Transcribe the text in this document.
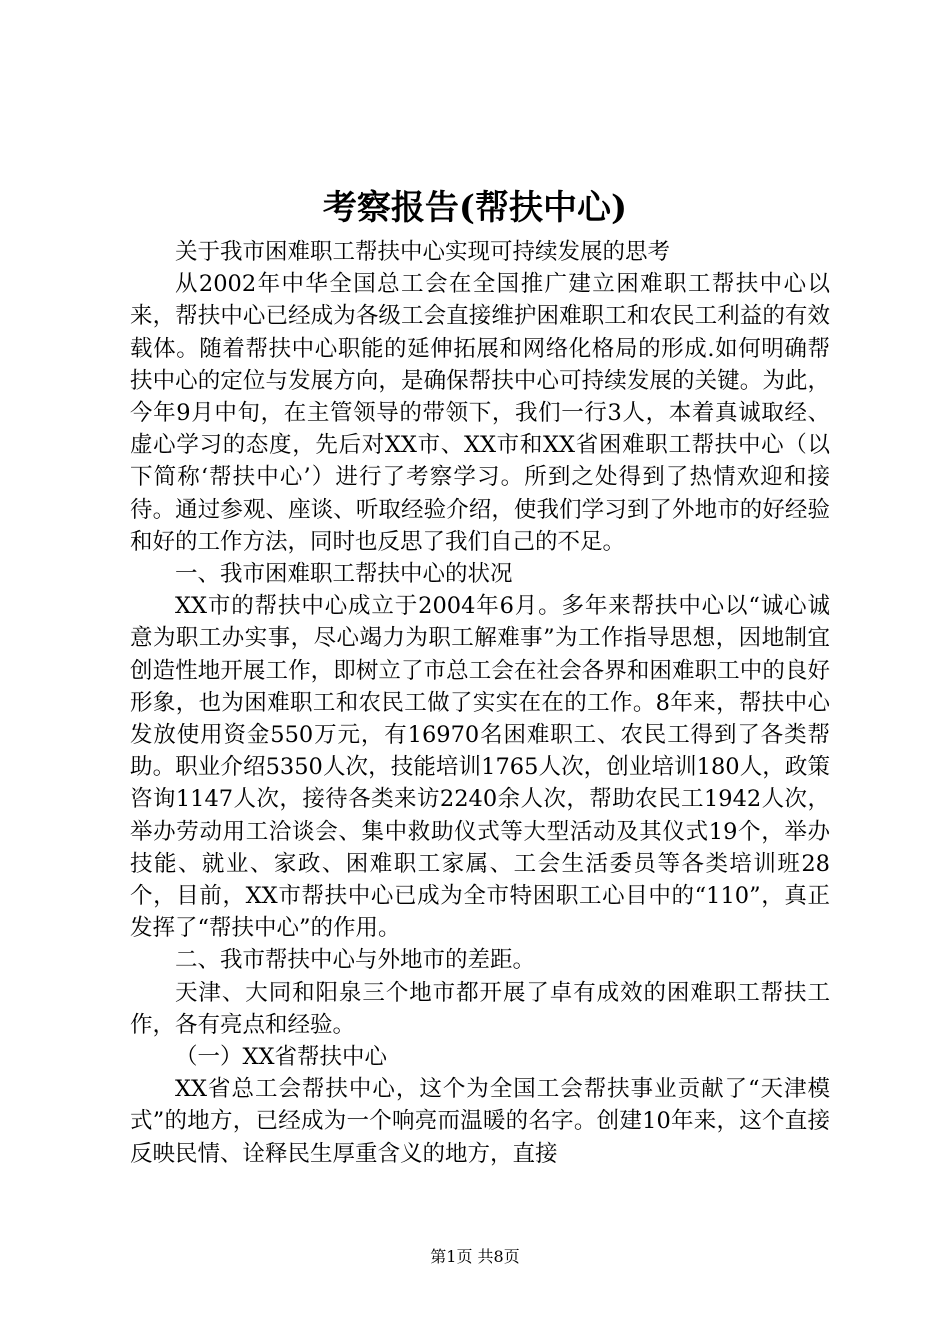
考察报告(帮扶中心)

关于我市困难职工帮扶中心实现可持续发展的思考

从2002年中华全国总工会在全国推广建立困难职工帮扶中心以来，帮扶中心已经成为各级工会直接维护困难职工和农民工利益的有效载体。随着帮扶中心职能的延伸拓展和网络化格局的形成.如何明确帮扶中心的定位与发展方向，是确保帮扶中心可持续发展的关键。为此，今年9月中旬，在主管领导的带领下，我们一行3人，本着真诚取经、虚心学习的态度，先后对XX市、XX市和XX省困难职工帮扶中心（以下简称‘帮扶中心’）进行了考察学习。所到之处得到了热情欢迎和接待。通过参观、座谈、听取经验介绍，使我们学习到了外地市的好经验和好的工作方法，同时也反思了我们自己的不足。

一、我市困难职工帮扶中心的状况

XX市的帮扶中心成立于2004年6月。多年来帮扶中心以“诚心诚意为职工办实事，尽心竭力为职工解难事”为工作指导思想，因地制宜创造性地开展工作，即树立了市总工会在社会各界和困难职工中的良好形象，也为困难职工和农民工做了实实在在的工作。8年来，帮扶中心发放使用资金550万元，有16970名困难职工、农民工得到了各类帮助。职业介绍5350人次，技能培训1765人次，创业培训180人，政策咨询1147人次，接待各类来访2240余人次，帮助农民工1942人次，举办劳动用工洽谈会、集中救助仪式等大型活动及其仪式19个，举办技能、就业、家政、困难职工家属、工会生活委员等各类培训班28个，目前，XX市帮扶中心已成为全市特困职工心目中的“110”，真正发挥了“帮扶中心”的作用。

二、我市帮扶中心与外地市的差距。

天津、大同和阳泉三个地市都开展了卓有成效的困难职工帮扶工作，各有亮点和经验。

（一）XX省帮扶中心

XX省总工会帮扶中心，这个为全国工会帮扶事业贡献了“天津模式”的地方，已经成为一个响亮而温暖的名字。创建10年来，这个直接反映民情、诠释民生厚重含义的地方，直接

第1页 共8页
